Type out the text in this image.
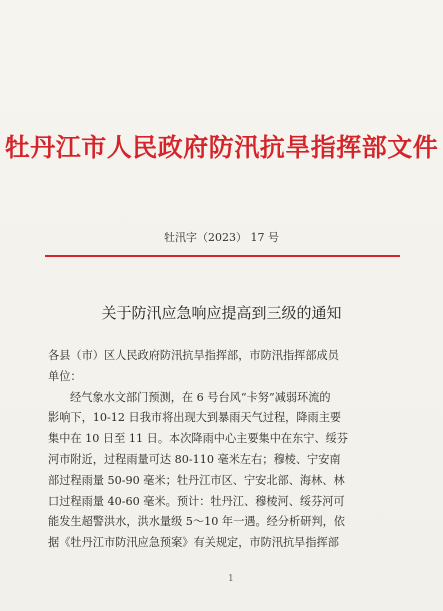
牡丹江市人民政府防汛抗旱指挥部文件
牡汛字（2023） 17 号
关于防汛应急响应提高到三级的通知
各县（市）区人民政府防汛抗旱指挥部，市防汛指挥部成员
单位：
经气象水文部门预测，在 6 号台风“卡努”减弱环流的
影响下，10-12 日我市将出现大到暴雨天气过程，降雨主要
集中在 10 日至 11 日。本次降雨中心主要集中在东宁、绥芬
河市附近，过程雨量可达 80-110 毫米左右；穆棱、宁安南
部过程雨量 50-90 毫米；牡丹江市区、宁安北部、海林、林
口过程雨量 40-60 毫米。预计：牡丹江、穆棱河、绥芬河可
能发生超警洪水，洪水量级 5～10 年一遇。经分析研判，依
据《牡丹江市防汛应急预案》有关规定，市防汛抗旱指挥部
1
